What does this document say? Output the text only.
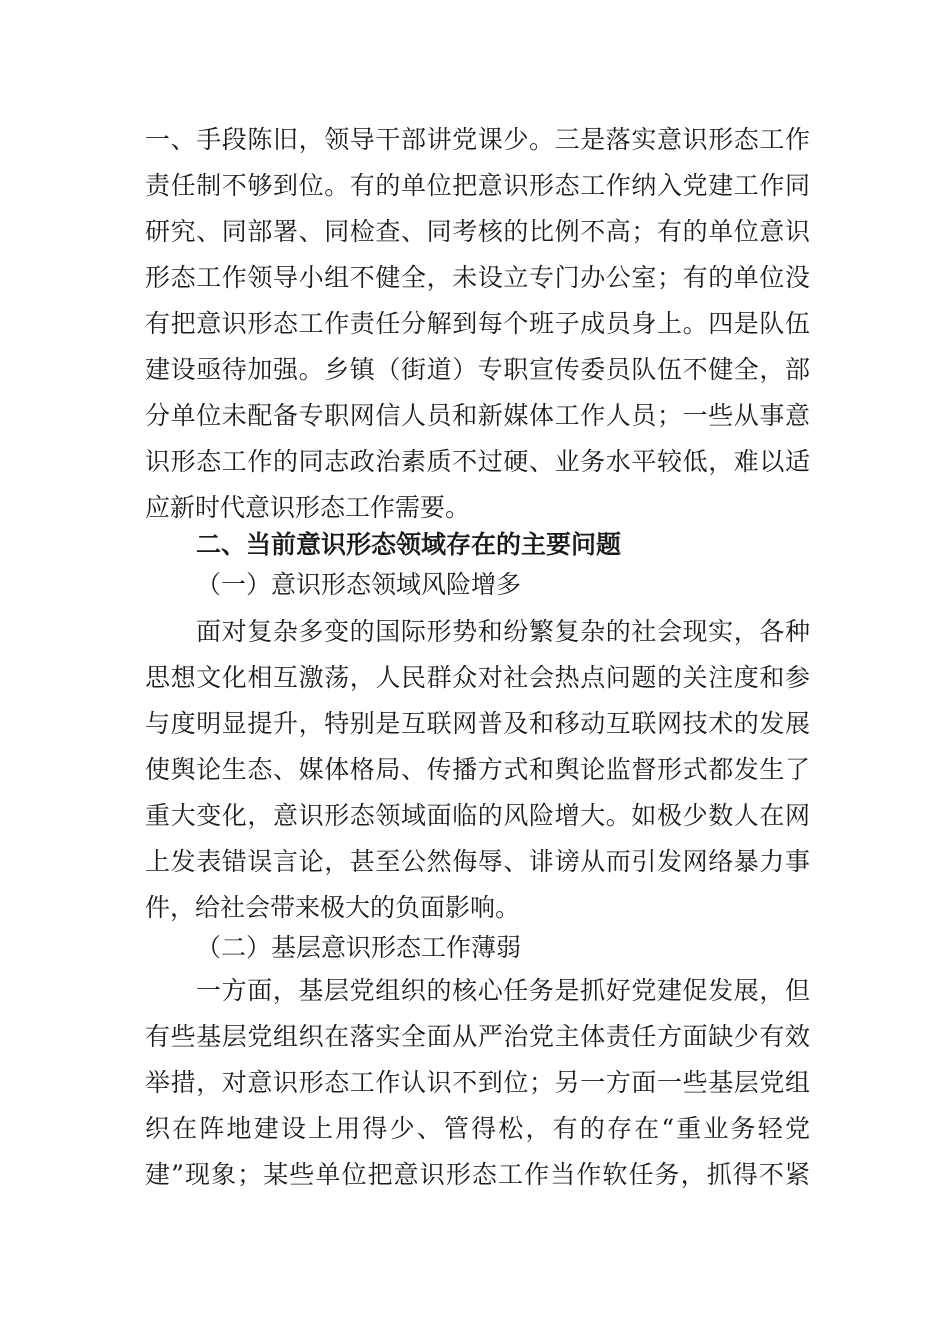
一、手段陈旧，领导干部讲党课少。三是落实意识形态工作
责任制不够到位。有的单位把意识形态工作纳入党建工作同
研究、同部署、同检查、同考核的比例不高；有的单位意识
形态工作领导小组不健全，未设立专门办公室；有的单位没
有把意识形态工作责任分解到每个班子成员身上。四是队伍
建设亟待加强。乡镇（街道）专职宣传委员队伍不健全，部
分单位未配备专职网信人员和新媒体工作人员；一些从事意
识形态工作的同志政治素质不过硬、业务水平较低，难以适
应新时代意识形态工作需要。
二、当前意识形态领域存在的主要问题
（一）意识形态领域风险增多
面对复杂多变的国际形势和纷繁复杂的社会现实，各种
思想文化相互激荡，人民群众对社会热点问题的关注度和参
与度明显提升，特别是互联网普及和移动互联网技术的发展
使舆论生态、媒体格局、传播方式和舆论监督形式都发生了
重大变化，意识形态领域面临的风险增大。如极少数人在网
上发表错误言论，甚至公然侮辱、诽谤从而引发网络暴力事
件，给社会带来极大的负面影响。
（二）基层意识形态工作薄弱
一方面，基层党组织的核心任务是抓好党建促发展，但
有些基层党组织在落实全面从严治党主体责任方面缺少有效
举措，对意识形态工作认识不到位；另一方面一些基层党组
织在阵地建设上用得少、管得松，有的存在“重业务轻党
建”现象；某些单位把意识形态工作当作软任务，抓得不紧
